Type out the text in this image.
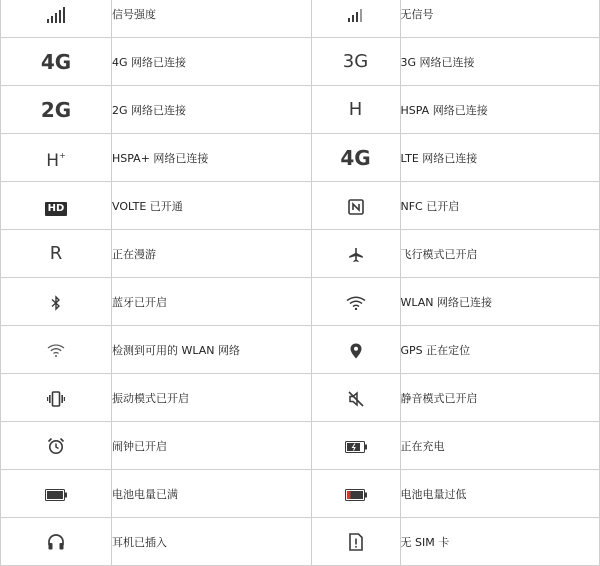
	信号强度		无信号
4G	4G 网络已连接	3G	3G 网络已连接
2G	2G 网络已连接	H	HSPA 网络已连接
H+	HSPA+ 网络已连接	4G	LTE 网络已连接
HD	VOLTE 已开通		NFC 已开启
R	正在漫游		飞行模式已开启

	蓝牙已开启		WLAN 网络已连接

	检测到可用的 WLAN 网络		GPS 正在定位

	振动模式已开启		静音模式已开启

	闹钟已开启		正在充电

	电池电量已满		电池电量过低

	耳机已插入		无 SIM 卡
